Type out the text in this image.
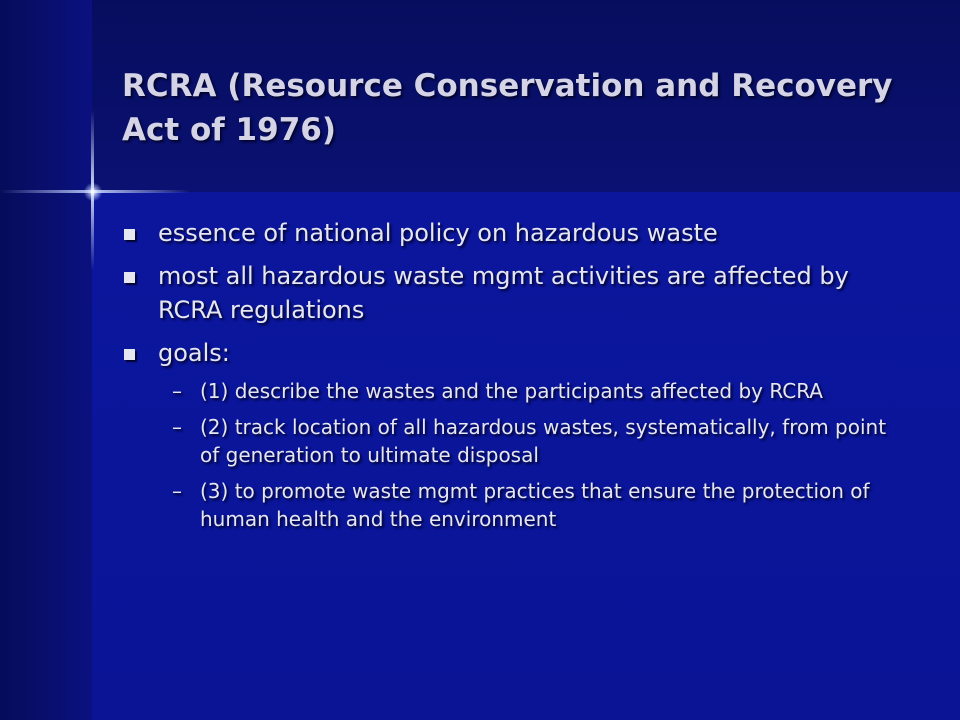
RCRA (Resource Conservation and Recovery Act of 1976)
essence of national policy on hazardous waste
most all hazardous waste mgmt activities are affected by RCRA regulations
goals:
– (1) describe the wastes and the participants affected by RCRA
– (2) track location of all hazardous wastes, systematically, from point of generation to ultimate disposal
– (3) to promote waste mgmt practices that ensure the protection of human health and the environment
